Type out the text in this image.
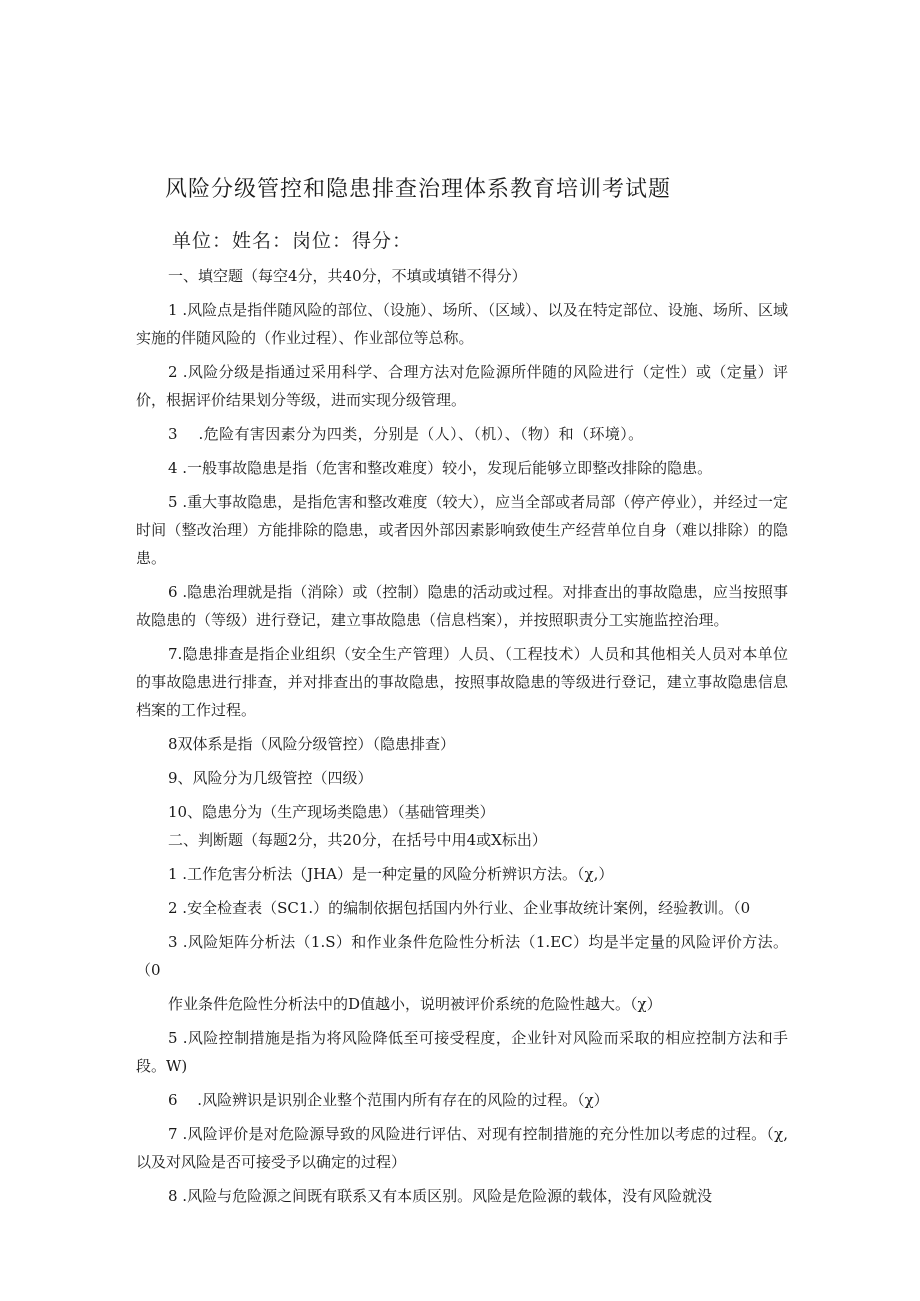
风险分级管控和隐患排查治理体系教育培训考试题
单位：姓名：岗位：得分：
一、填空题（每空4分，共40分，不填或填错不得分）
1 .风险点是指伴随风险的部位、（设施）、场所、（区域）、以及在特定部位、设施、场所、区域实施的伴随风险的（作业过程）、作业部位等总称。
2 .风险分级是指通过采用科学、合理方法对危险源所伴随的风险进行（定性）或（定量）评价，根据评价结果划分等级，进而实现分级管理。
3 　.危险有害因素分为四类，分别是（人）、（机）、（物）和（环境）。
4 .一般事故隐患是指（危害和整改难度）较小，发现后能够立即整改排除的隐患。
5 .重大事故隐患，是指危害和整改难度（较大），应当全部或者局部（停产停业），并经过一定时间（整改治理）方能排除的隐患，或者因外部因素影响致使生产经营单位自身（难以排除）的隐患。
6 .隐患治理就是指（消除）或（控制）隐患的活动或过程。对排查出的事故隐患，应当按照事故隐患的（等级）进行登记，建立事故隐患（信息档案），并按照职责分工实施监控治理。
7.隐患排查是指企业组织（安全生产管理）人员、（工程技术）人员和其他相关人员对本单位的事故隐患进行排查，并对排查出的事故隐患，按照事故隐患的等级进行登记，建立事故隐患信息档案的工作过程。
8双体系是指（风险分级管控）（隐患排查）
9、风险分为几级管控（四级）
10、隐患分为（生产现场类隐患）（基础管理类）
二、判断题（每题2分，共20分，在括号中用4或X标出）
1 .工作危害分析法（JHA）是一种定量的风险分析辨识方法。（χ,）
2 .安全检查表（SC1.）的编制依据包括国内外行业、企业事故统计案例，经验教训。（0
3 .风险矩阵分析法（1.S）和作业条件危险性分析法（1.EC）均是半定量的风险评价方法。（0
作业条件危险性分析法中的D值越小，说明被评价系统的危险性越大。（χ）
5 .风险控制措施是指为将风险降低至可接受程度，企业针对风险而采取的相应控制方法和手段。W)
6 　.风险辨识是识别企业整个范围内所有存在的风险的过程。（χ）
7 .风险评价是对危险源导致的风险进行评估、对现有控制措施的充分性加以考虑的过程。（χ,以及对风险是否可接受予以确定的过程）
8 .风险与危险源之间既有联系又有本质区别。风险是危险源的载体，没有风险就没
